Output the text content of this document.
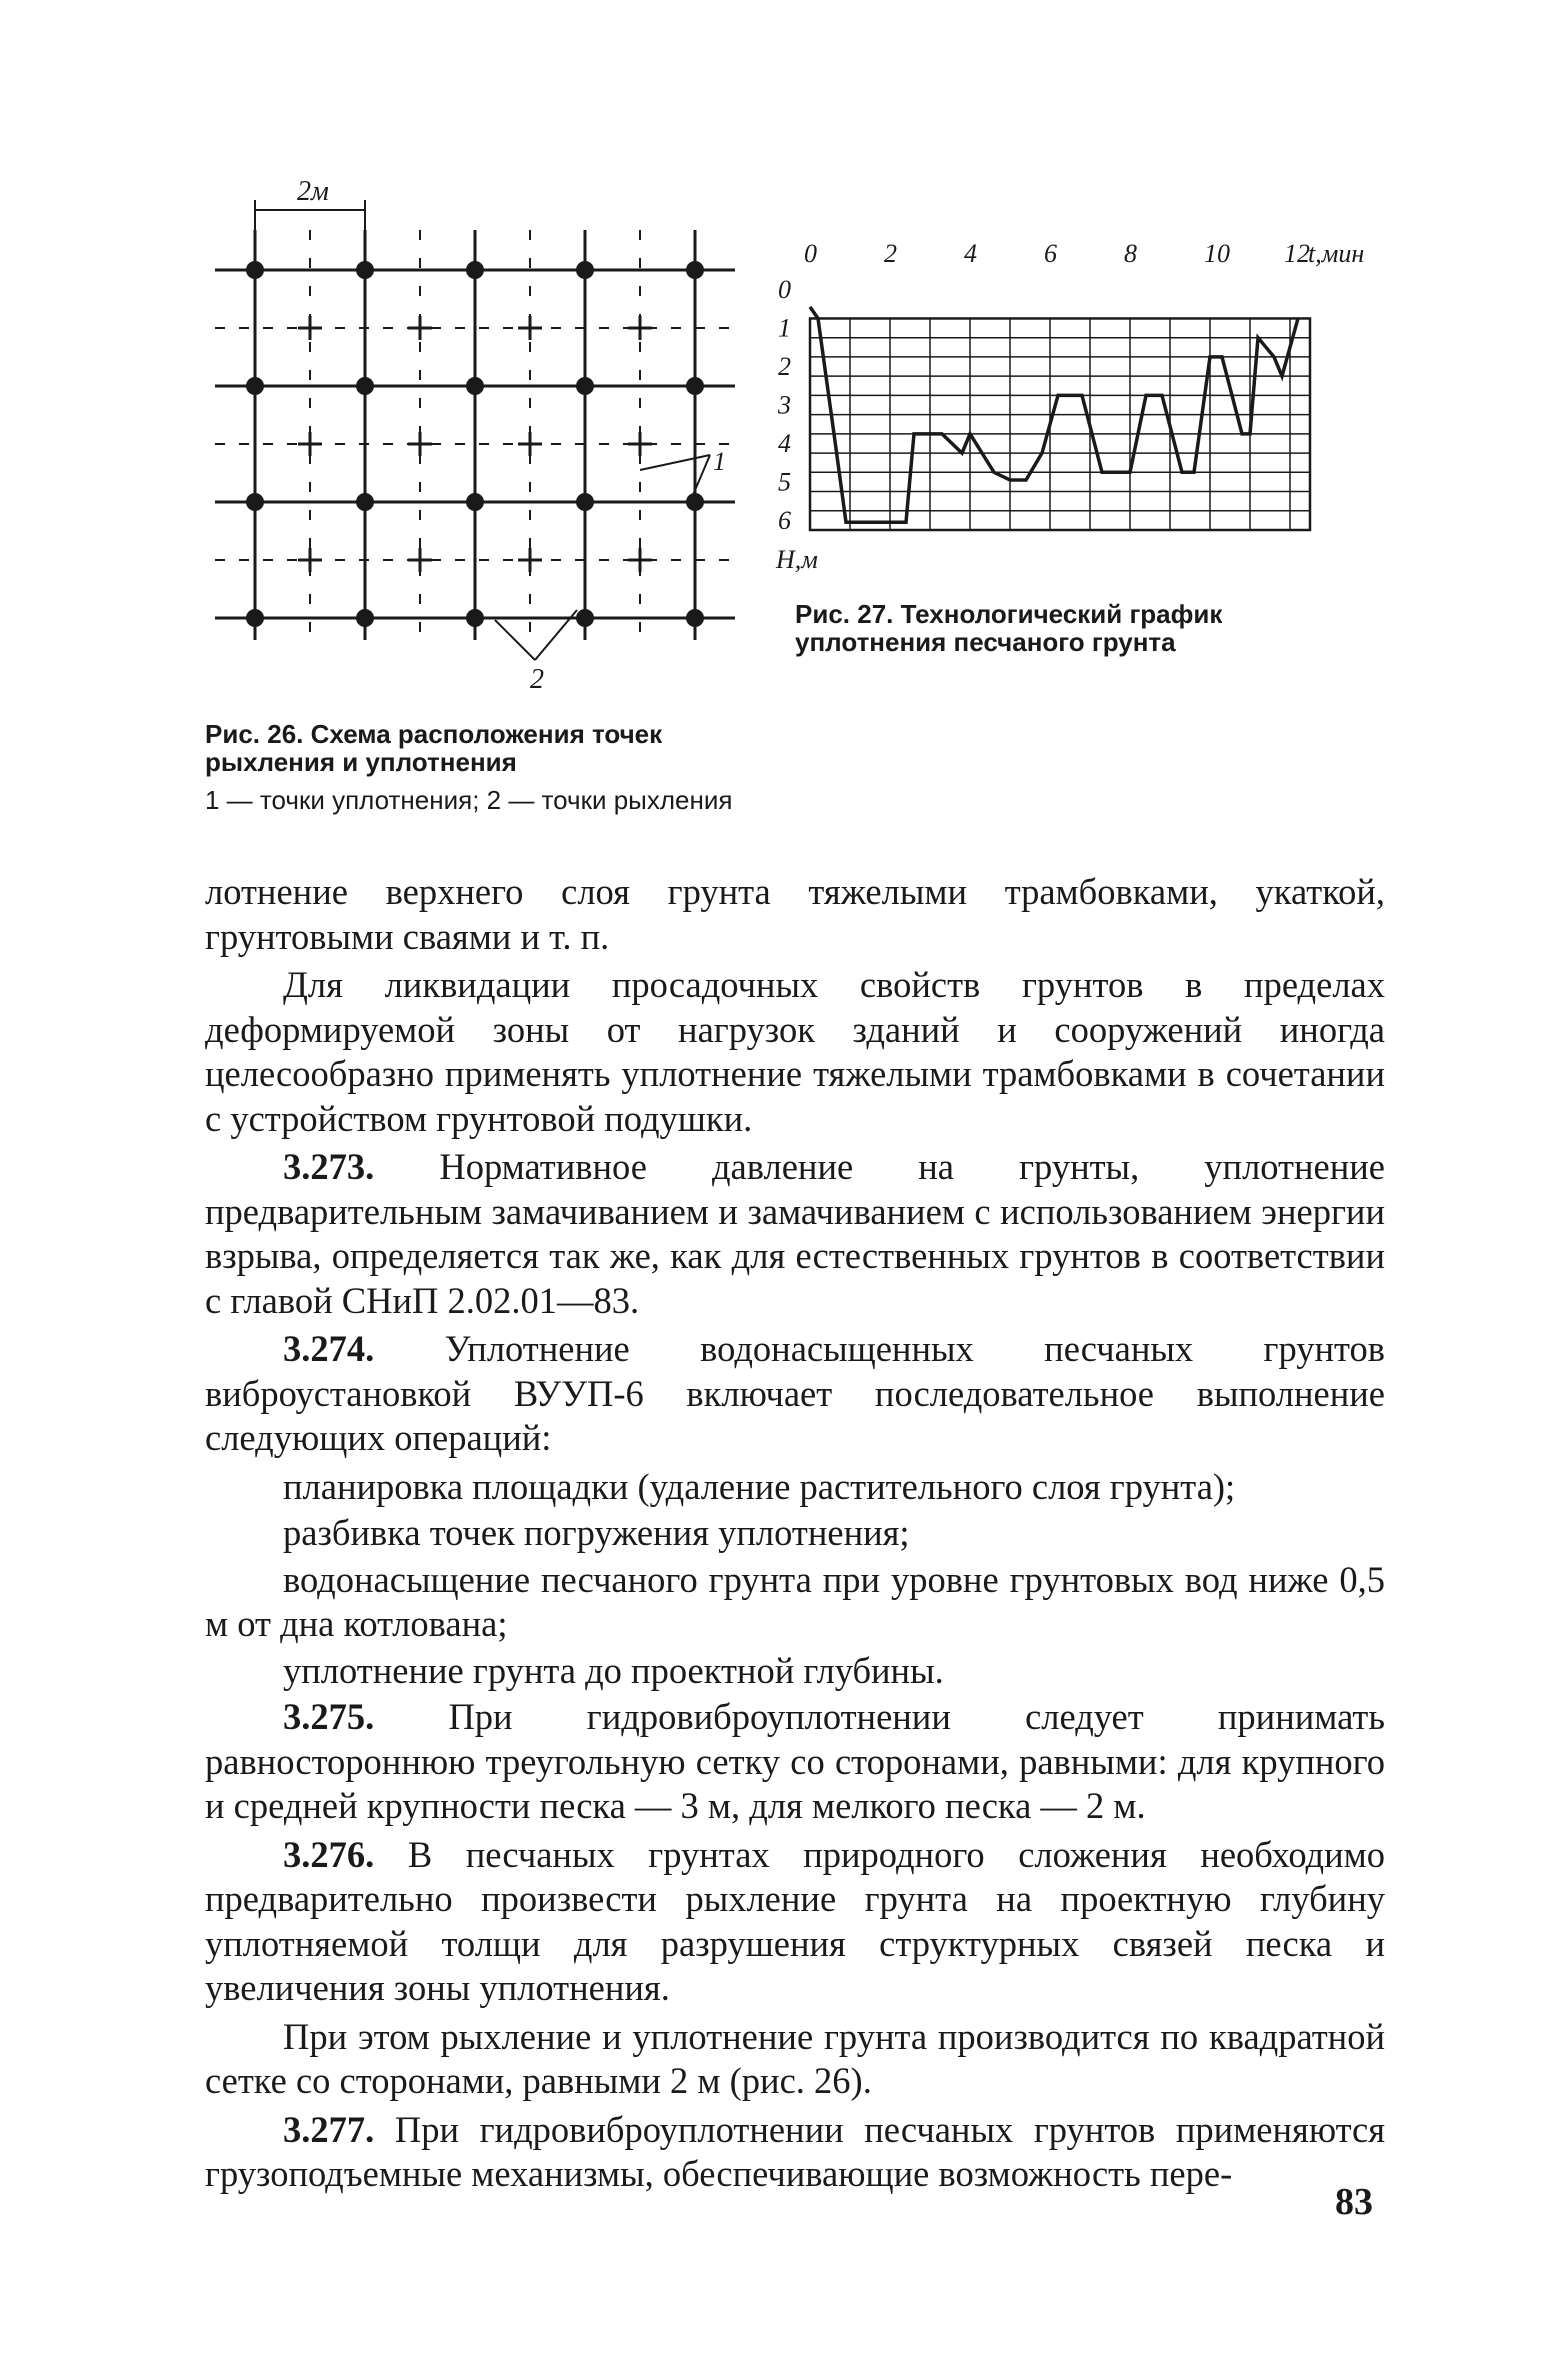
2м
1
2
0	2	4	6	8	10 12
t,мин
0
1
2
3
4
5
6
H,м
Рис. 27. Технологический график уплотнения песчаного грунта
Рис. 26. Схема расположения точек рыхления и уплотнения
1 — точки уплотнения; 2 — точки рыхления

лотнение верхнего слоя грунта тяжелыми трамбовками, укаткой, грунтовыми сваями и т. п.

Для ликвидации просадочных свойств грунтов в пределах деформируемой зоны от нагрузок зданий и сооружений иногда целесообразно применять уплотнение тяжелыми трамбовками в сочетании с устройством грунтовой подушки.

3.273. Нормативное давление на грунты, уплотнение предварительным замачиванием и замачиванием с использованием энергии взрыва, определяется так же, как для естественных грунтов в соответствии с главой СНиП 2.02.01—83.

3.274. Уплотнение водонасыщенных песчаных грунтов виброустановкой ВУУП-6 включает последовательное выполнение следующих операций:

планировка площадки (удаление растительного слоя грунта);

разбивка точек погружения уплотнения;

водонасыщение песчаного грунта при уровне грунтовых вод ниже 0,5 м от дна котлована;

уплотнение грунта до проектной глубины.

3.275. При гидровиброуплотнении следует принимать равностороннюю треугольную сетку со сторонами, равными: для крупного и средней крупности песка — 3 м, для мелкого песка — 2 м.

3.276. В песчаных грунтах природного сложения необходимо предварительно произвести рыхление грунта на проектную глубину уплотняемой толщи для разрушения структурных связей песка и увеличения зоны уплотнения.

При этом рыхление и уплотнение грунта производится по квадратной сетке со сторонами, равными 2 м (рис. 26).

3.277. При гидровиброуплотнении песчаных грунтов применяются грузоподъемные механизмы, обеспечивающие возможность пере-

83
